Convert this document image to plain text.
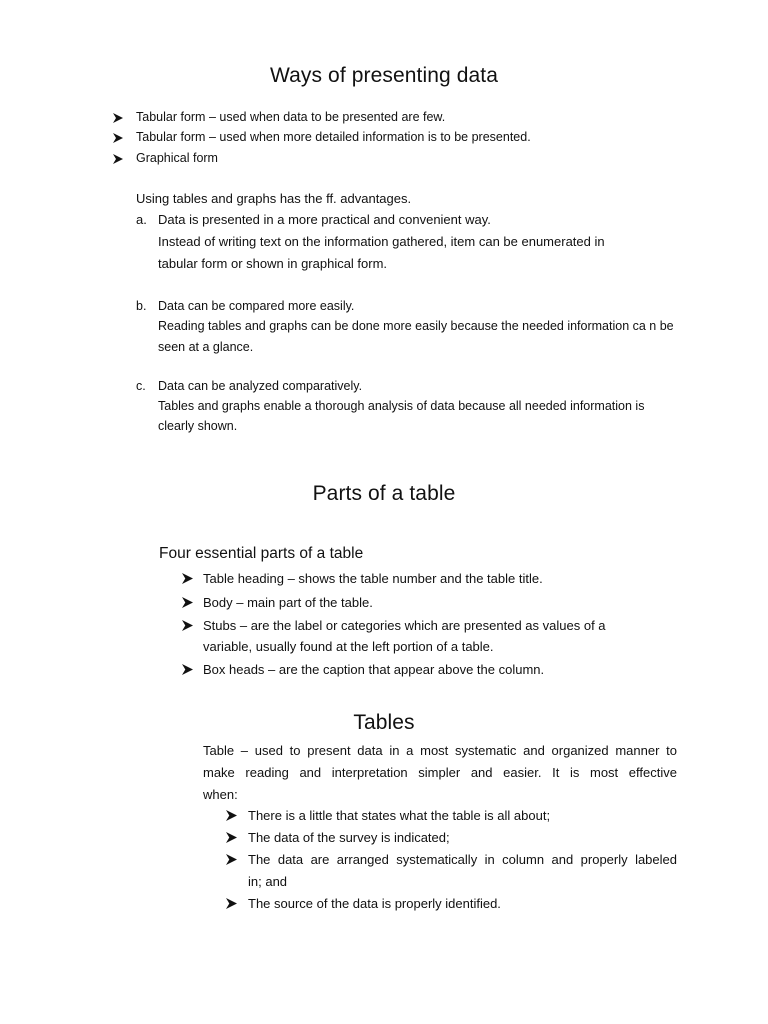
Ways of presenting data
Tabular form – used when data to be presented are few.
Tabular form – used when more detailed information is to be presented.
Graphical form
Using tables and graphs has the ff. advantages.
a. Data is presented in a more practical and convenient way.
Instead of writing text on the information gathered, item can be enumerated in
tabular form or shown in graphical form.
b. Data can be compared more easily.
Reading tables and graphs can be done more easily because the needed information ca n be
seen at a glance.
c. Data can be analyzed comparatively.
Tables and graphs enable a thorough analysis of data because all needed information is
clearly shown.
Parts of a table
Four essential parts of a table
Table heading – shows the table number and the table title.
Body – main part of the table.
Stubs – are the label or categories which are presented as values of a
variable, usually found at the left portion of a table.
Box heads – are the caption that appear above the column.
Tables
Table – used to present data in a most systematic and organized manner to
make reading and interpretation simpler and easier. It is most effective
when:
There is a little that states what the table is all about;
The data of the survey is indicated;
The data are arranged systematically in column and properly labeled
in; and
The source of the data is properly identified.
